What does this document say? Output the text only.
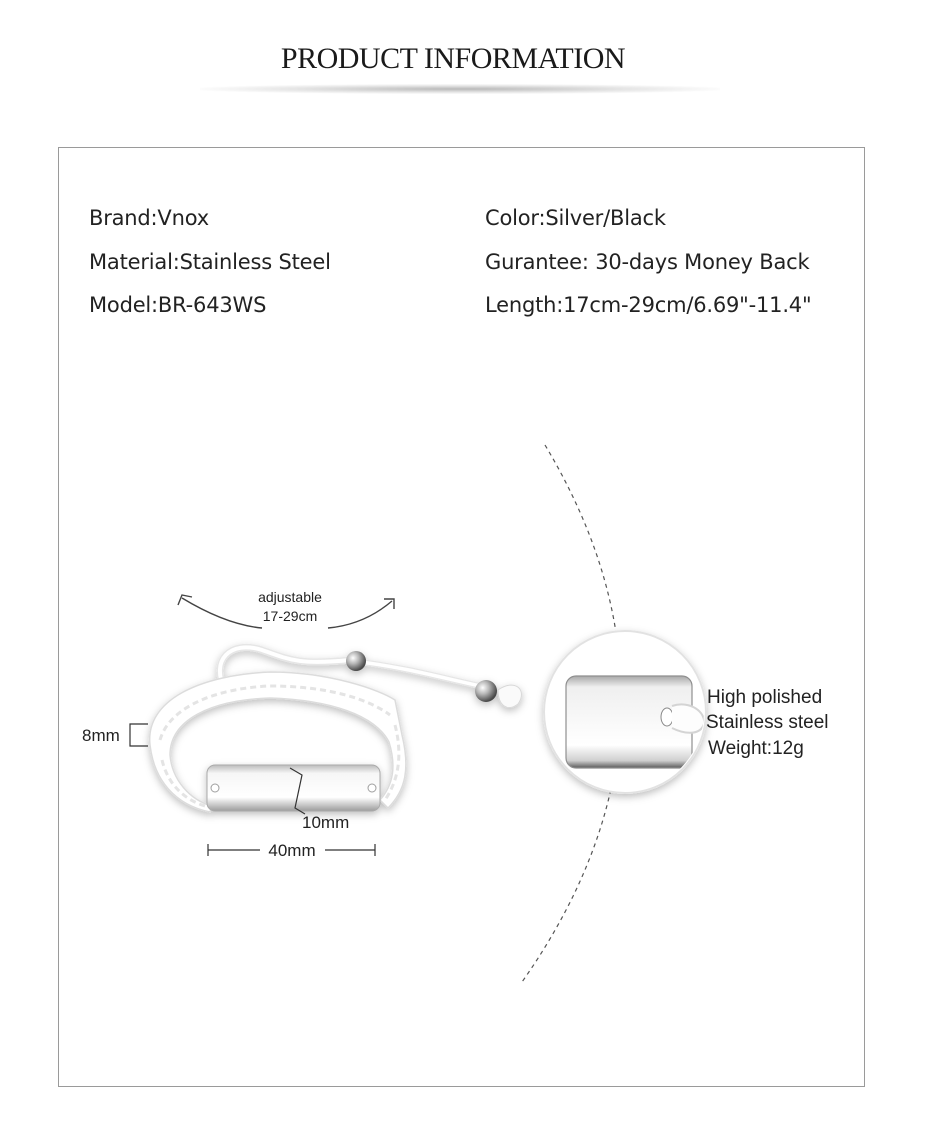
PRODUCT INFORMATION
Brand:Vnox
Material:Stainless Steel
Model:BR-643WS
Color:Silver/Black
Gurantee: 30-days Money Back
Length:17cm-29cm/6.69"-11.4"
adjustable
17-29cm
10mm
8mm
40mm
High polished
Stainless steel
Weight:12g
